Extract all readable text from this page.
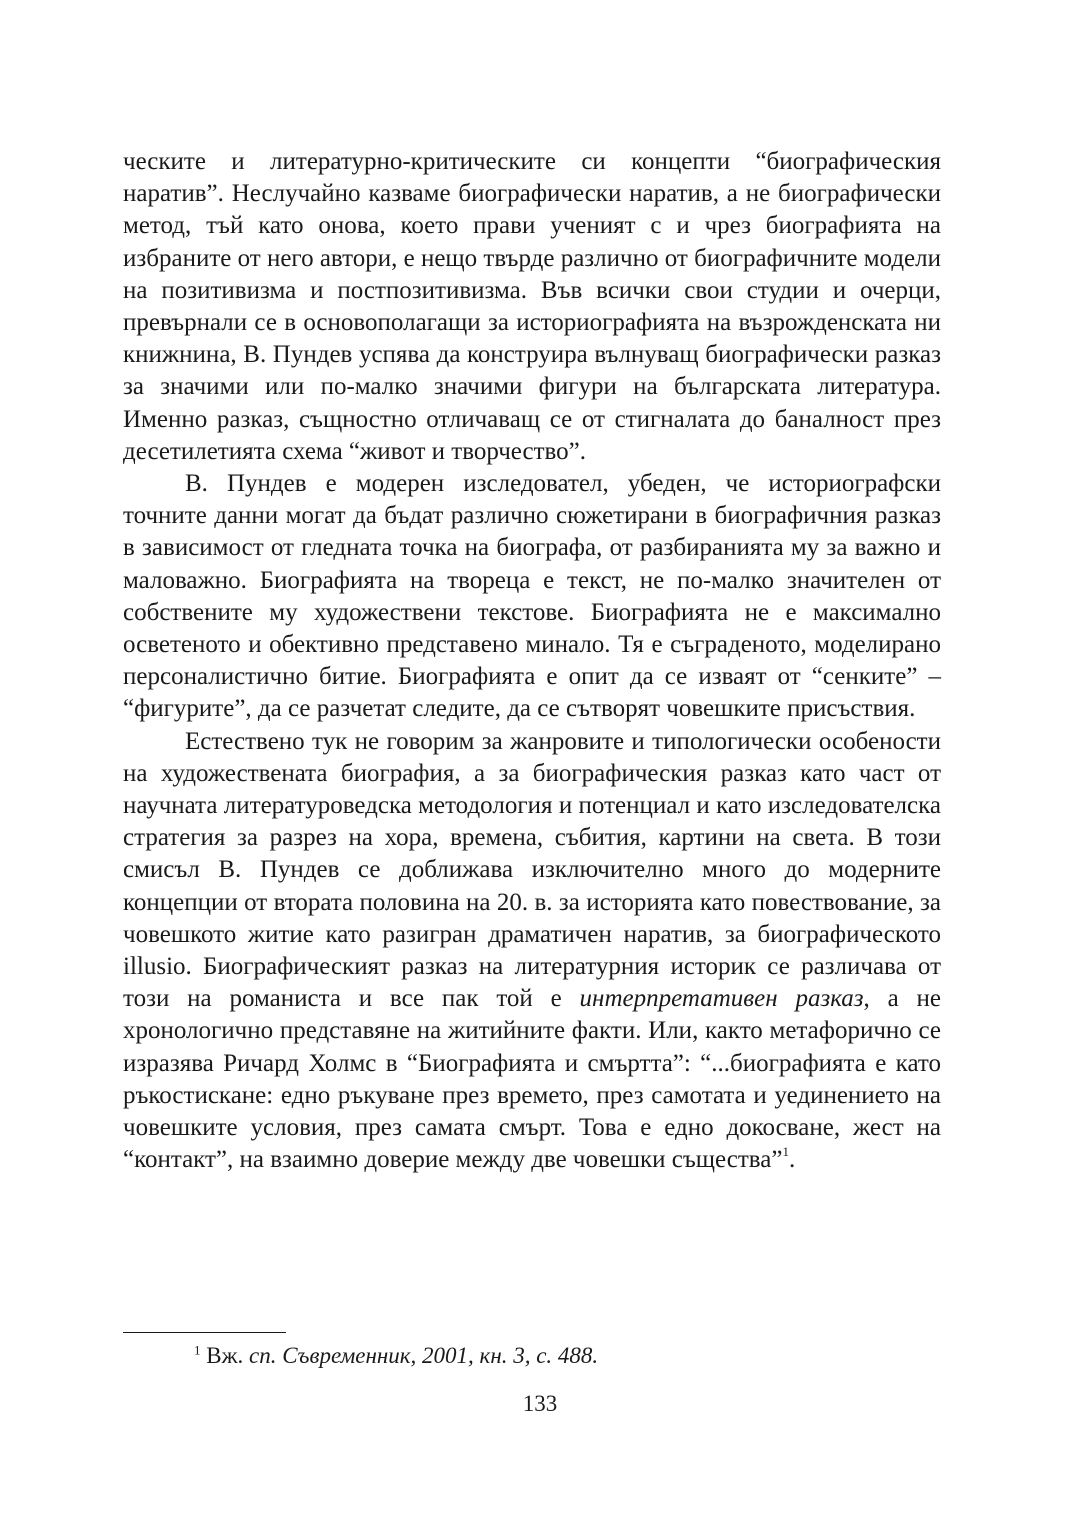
ческите и литературно-критическите си концепти “биографическия наратив”. Неслучайно казваме биографически наратив, а не биографически метод, тъй като онова, което прави ученият с и чрез биографията на избраните от него автори, е нещо твърде различно от биографичните модели на позитивизма и постпозитивизма. Във всички свои студии и очерци, превърнали се в основополагащи за историографията на възрожденската ни книжнина, В. Пундев успява да конструира вълнуващ биографически разказ за значими или по-малко значими фигури на българската литература. Именно разказ, същностно отличаващ се от стигналата до баналност през десетилетията схема “живот и творчество”.

В. Пундев е модерен изследовател, убеден, че историографски точните данни могат да бъдат различно сюжетирани в биографичния разказ в зависимост от гледната точка на биографа, от разбиранията му за важно и маловажно. Биографията на твореца е текст, не по-малко значителен от собствените му художествени текстове. Биографията не е максимално осветеното и обективно представено минало. Тя е съграденото, моделирано персоналистично битие. Биографията е опит да се изваят от “сенките” – “фигурите”, да се разчетат следите, да се сътворят човешките присъствия.

Естествено тук не говорим за жанровите и типологически особености на художествената биография, а за биографическия разказ като част от научната литературоведска методология и потенциал и като изследователска стратегия за разрез на хора, времена, събития, картини на света. В този смисъл В. Пундев се доближава изключително много до модерните концепции от втората половина на 20. в. за историята като повествование, за човешкото житие като разигран драматичен наратив, за биографическото illusio. Биографическият разказ на литературния историк се различава от този на романиста и все пак той е интерпретативен разказ, а не хронологично представяне на житийните факти. Или, както метафорично се изразява Ричард Холмс в “Биографията и смъртта”: “...биографията е като ръкостискане: едно ръкуване през времето, през самотата и уединението на човешките условия, през самата смърт. Това е едно докосване, жест на “контакт”, на взаимно доверие между две човешки същества”$^1$.

$^1$ Вж. сп. Съвременник, 2001, кн. 3, с. 488.
133
